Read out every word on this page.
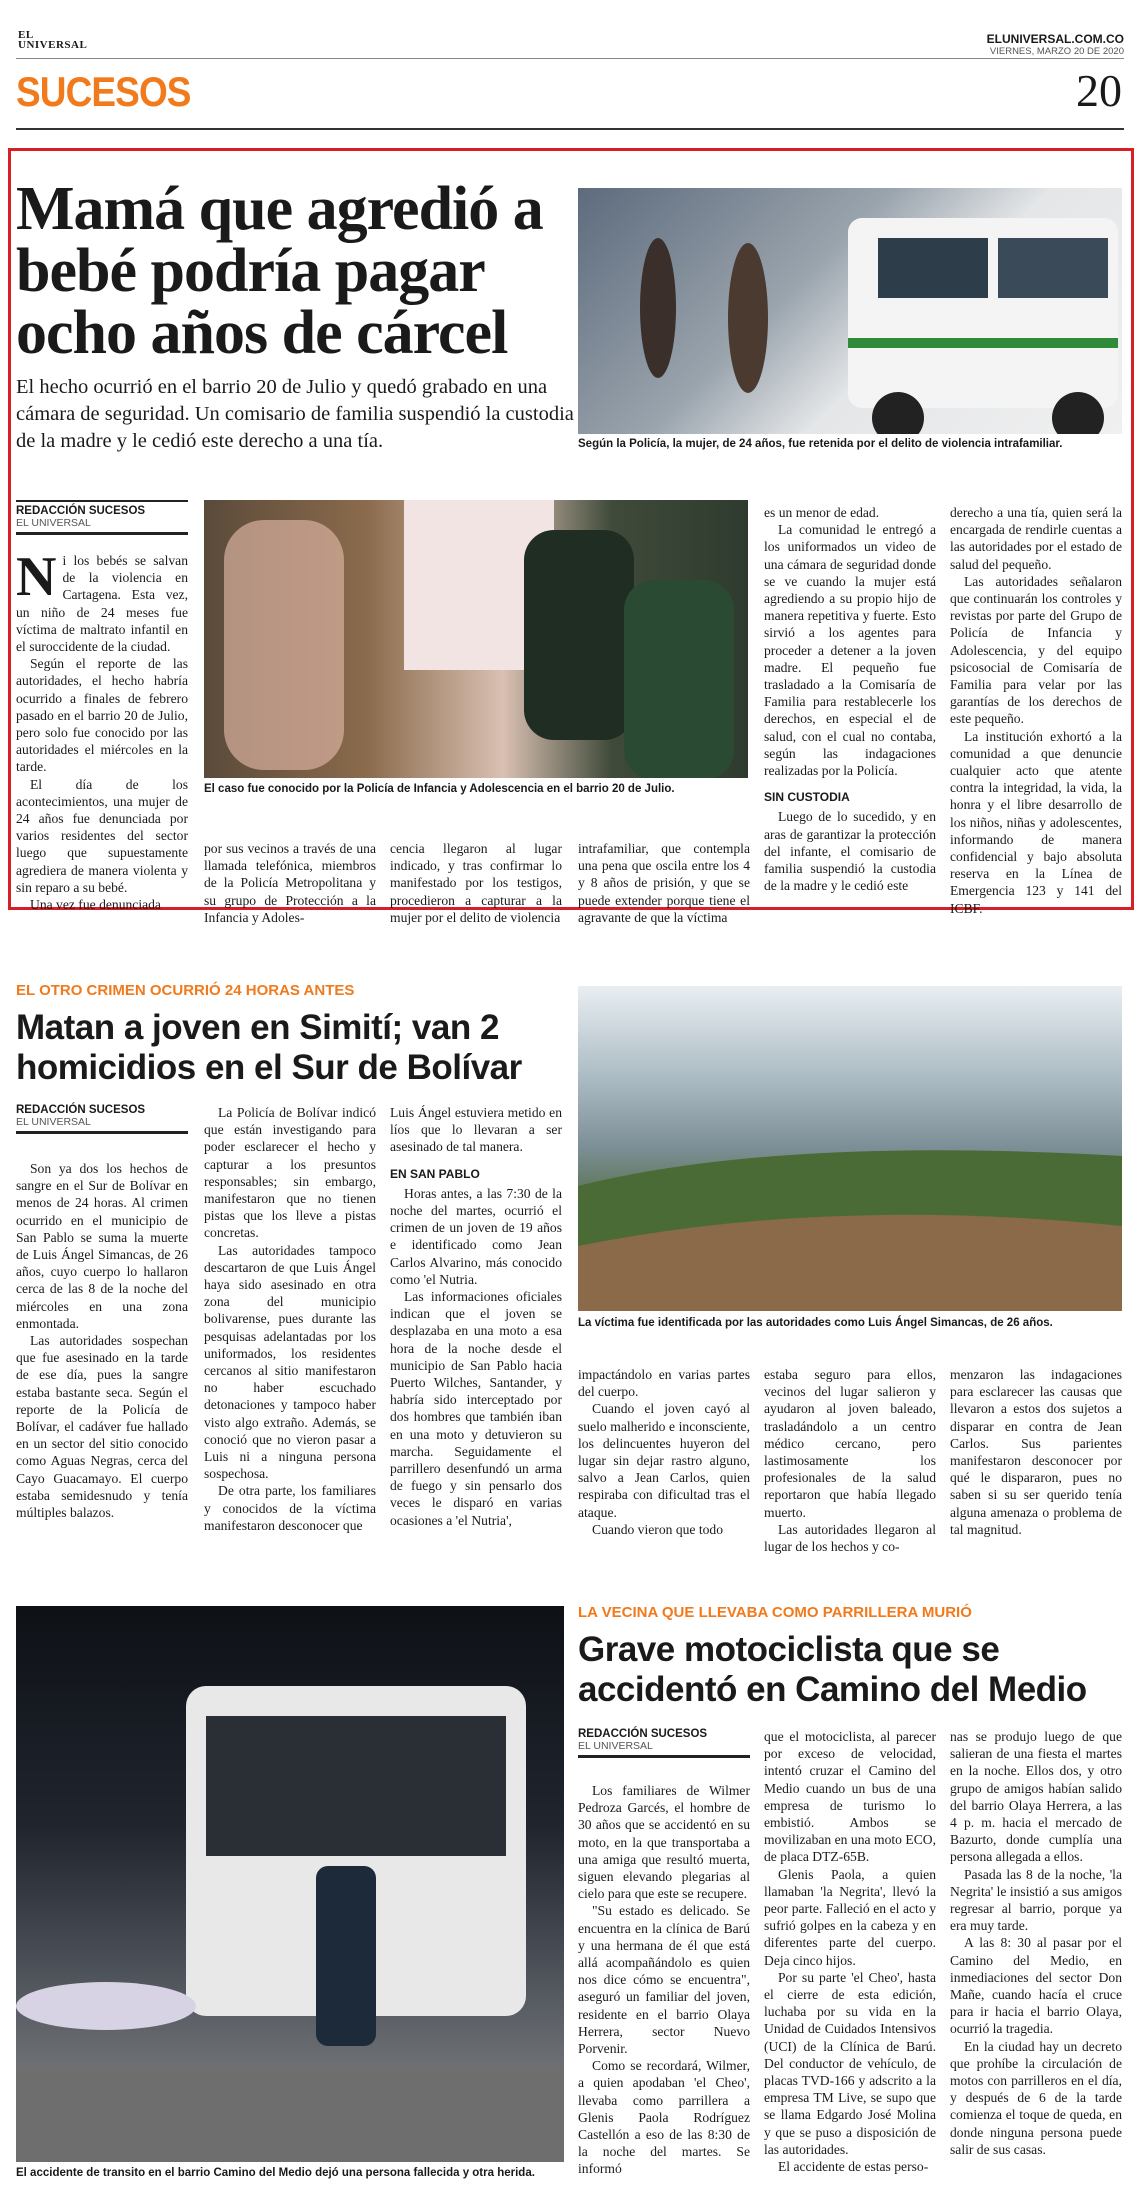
EL
UNIVERSAL	ELUNIVERSAL.COM.CO
VIERNES, MARZO 20 DE 2020
SUCESOS	20
Mamá que agredió a bebé podría pagar ocho años de cárcel
El hecho ocurrió en el barrio 20 de Julio y quedó grabado en una cámara de seguridad. Un comisario de familia suspendió la custodia de la madre y le cedió este derecho a una tía.	Según la Policía, la mujer, de 24 años, fue retenida por el delito de violencia intrafamiliar.
REDACCIÓN SUCESOS
EL UNIVERSAL

Ni los bebés se salvan de la violencia en Cartagena. Esta vez, un niño de 24 meses fue víctima de maltrato infantil en el suroccidente de la ciudad.

Según el reporte de las autoridades, el hecho habría ocurrido a finales de febrero pasado en el barrio 20 de Julio, pero solo fue conocido por las autoridades el miércoles en la tarde.

El día de los acontecimientos, una mujer de 24 años fue denunciada por varios residentes del sector luego que supuestamente agrediera de manera violenta y sin reparo a su bebé.

Una vez fue denunciada

El caso fue conocido por la Policía de Infancia y Adolescencia en el barrio 20 de Julio.

por sus vecinos a través de una llamada telefónica, miembros de la Policía Metropolitana y su grupo de Protección a la Infancia y Adoles-

cencia llegaron al lugar indicado, y tras confirmar lo manifestado por los testigos, procedieron a capturar a la mujer por el delito de violencia

intrafamiliar, que contempla una pena que oscila entre los 4 y 8 años de prisión, y que se puede extender porque tiene el agravante de que la víctima

es un menor de edad.

La comunidad le entregó a los uniformados un video de una cámara de seguridad donde se ve cuando la mujer está agrediendo a su propio hijo de manera repetitiva y fuerte. Esto sirvió a los agentes para proceder a detener a la joven madre. El pequeño fue trasladado a la Comisaría de Familia para restablecerle los derechos, en especial el de salud, con el cual no contaba, según las indagaciones realizadas por la Policía.

SIN CUSTODIA

Luego de lo sucedido, y en aras de garantizar la protección del infante, el comisario de familia suspendió la custodia de la madre y le cedió este

derecho a una tía, quien será la encargada de rendirle cuentas a las autoridades por el estado de salud del pequeño.

Las autoridades señalaron que continuarán los controles y revistas por parte del Grupo de Policía de Infancia y Adolescencia, y del equipo psicosocial de Comisaría de Familia para velar por las garantías de los derechos de este pequeño.

La institución exhortó a la comunidad a que denuncie cualquier acto que atente contra la integridad, la vida, la honra y el libre desarrollo de los niños, niñas y adolescentes, informando de manera confidencial y bajo absoluta reserva en la Línea de Emergencia 123 y 141 del ICBF.

EL OTRO CRIMEN OCURRIÓ 24 HORAS ANTES
Matan a joven en Simití; van 2 homicidios en el Sur de Bolívar
REDACCIÓN SUCESOS
EL UNIVERSAL

Son ya dos los hechos de sangre en el Sur de Bolívar en menos de 24 horas. Al crimen ocurrido en el municipio de San Pablo se suma la muerte de Luis Ángel Simancas, de 26 años, cuyo cuerpo lo hallaron cerca de las 8 de la noche del miércoles en una zona enmontada.

Las autoridades sospechan que fue asesinado en la tarde de ese día, pues la sangre estaba bastante seca. Según el reporte de la Policía de Bolívar, el cadáver fue hallado en un sector del sitio conocido como Aguas Negras, cerca del Cayo Guacamayo. El cuerpo estaba semidesnudo y tenía múltiples balazos.

La Policía de Bolívar indicó que están investigando para poder esclarecer el hecho y capturar a los presuntos responsables; sin embargo, manifestaron que no tienen pistas que los lleve a pistas concretas.

Las autoridades tampoco descartaron de que Luis Ángel haya sido asesinado en otra zona del municipio bolivarense, pues durante las pesquisas adelantadas por los uniformados, los residentes cercanos al sitio manifestaron no haber escuchado detonaciones y tampoco haber visto algo extraño. Además, se conoció que no vieron pasar a Luis ni a ninguna persona sospechosa.

De otra parte, los familiares y conocidos de la víctima manifestaron desconocer que

Luis Ángel estuviera metido en líos que lo llevaran a ser asesinado de tal manera.

EN SAN PABLO

Horas antes, a las 7:30 de la noche del martes, ocurrió el crimen de un joven de 19 años e identificado como Jean Carlos Alvarino, más conocido como 'el Nutria.

Las informaciones oficiales indican que el joven se desplazaba en una moto a esa hora de la noche desde el municipio de San Pablo hacia Puerto Wilches, Santander, y habría sido interceptado por dos hombres que también iban en una moto y detuvieron su marcha. Seguidamente el parrillero desenfundó un arma de fuego y sin pensarlo dos veces le disparó en varias ocasiones a 'el Nutria',

La víctima fue identificada por las autoridades como Luis Ángel Simancas, de 26 años.

impactándolo en varias partes del cuerpo.

Cuando el joven cayó al suelo malherido e inconsciente, los delincuentes huyeron del lugar sin dejar rastro alguno, salvo a Jean Carlos, quien respiraba con dificultad tras el ataque.

Cuando vieron que todo

estaba seguro para ellos, vecinos del lugar salieron y ayudaron al joven baleado, trasladándolo a un centro médico cercano, pero lastimosamente los profesionales de la salud reportaron que había llegado muerto.

Las autoridades llegaron al lugar de los hechos y co-

menzaron las indagaciones para esclarecer las causas que llevaron a estos dos sujetos a disparar en contra de Jean Carlos. Sus parientes manifestaron desconocer por qué le dispararon, pues no saben si su ser querido tenía alguna amenaza o problema de tal magnitud.

El accidente de transito en el barrio Camino del Medio dejó una persona fallecida y otra herida.
LA VECINA QUE LLEVABA COMO PARRILLERA MURIÓ
Grave motociclista que se accidentó en Camino del Medio
REDACCIÓN SUCESOS
EL UNIVERSAL

Los familiares de Wilmer Pedroza Garcés, el hombre de 30 años que se accidentó en su moto, en la que transportaba a una amiga que resultó muerta, siguen elevando plegarias al cielo para que este se recupere.

"Su estado es delicado. Se encuentra en la clínica de Barú y una hermana de él que está allá acompañándolo es quien nos dice cómo se encuentra", aseguró un familiar del joven, residente en el barrio Olaya Herrera, sector Nuevo Porvenir.

Como se recordará, Wilmer, a quien apodaban 'el Cheo', llevaba como parrillera a Glenis Paola Rodríguez Castellón a eso de las 8:30 de la noche del martes. Se informó

que el motociclista, al parecer por exceso de velocidad, intentó cruzar el Camino del Medio cuando un bus de una empresa de turismo lo embistió. Ambos se movilizaban en una moto ECO, de placa DTZ-65B.

Glenis Paola, a quien llamaban 'la Negrita', llevó la peor parte. Falleció en el acto y sufrió golpes en la cabeza y en diferentes parte del cuerpo. Deja cinco hijos.

Por su parte 'el Cheo', hasta el cierre de esta edición, luchaba por su vida en la Unidad de Cuidados Intensivos (UCI) de la Clínica de Barú. Del conductor de vehículo, de placas TVD-166 y adscrito a la empresa TM Live, se supo que se llama Edgardo José Molina y que se puso a disposición de las autoridades.

El accidente de estas perso-

nas se produjo luego de que salieran de una fiesta el martes en la noche. Ellos dos, y otro grupo de amigos habían salido del barrio Olaya Herrera, a las 4 p. m. hacia el mercado de Bazurto, donde cumplía una persona allegada a ellos.

Pasada las 8 de la noche, 'la Negrita' le insistió a sus amigos regresar al barrio, porque ya era muy tarde.

A las 8: 30 al pasar por el Camino del Medio, en inmediaciones del sector Don Mañe, cuando hacía el cruce para ir hacia el barrio Olaya, ocurrió la tragedia.

En la ciudad hay un decreto que prohíbe la circulación de motos con parrilleros en el día, y después de 6 de la tarde comienza el toque de queda, en donde ninguna persona puede salir de sus casas.
